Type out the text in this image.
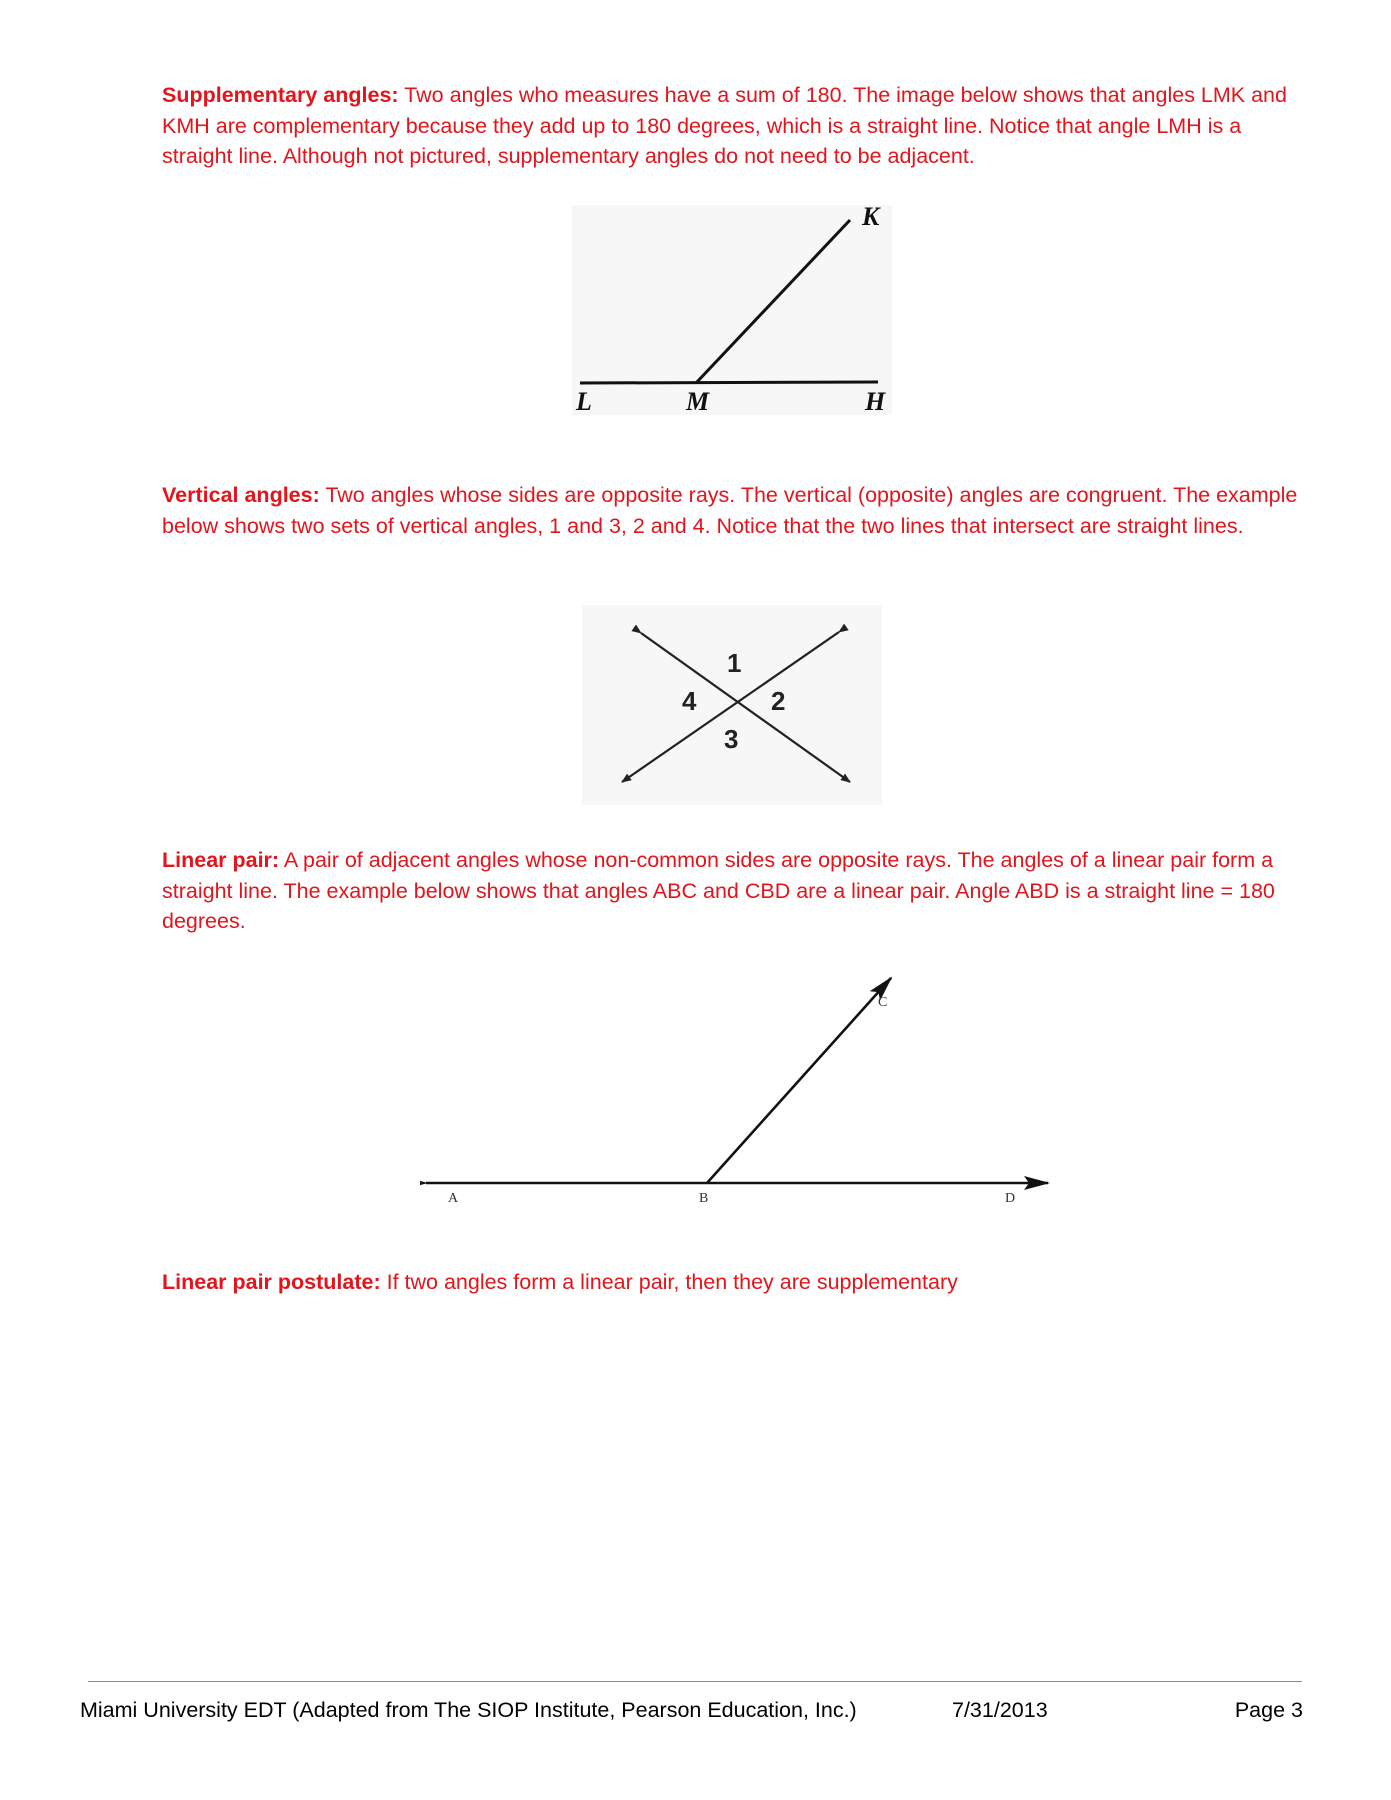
Supplementary angles: Two angles who measures have a sum of 180. The image below shows that angles LMK and KMH are complementary because they add up to 180 degrees, which is a straight line. Notice that angle LMH is a straight line. Although not pictured, supplementary angles do not need to be adjacent.

L	M	H
K

Vertical angles: Two angles whose sides are opposite rays. The vertical (opposite) angles are congruent. The example below shows two sets of vertical angles, 1 and 3, 2 and 4. Notice that the two lines that intersect are straight lines.

1
2
3
4

Linear pair: A pair of adjacent angles whose non-common sides are opposite rays. The angles of a linear pair form a straight line. The example below shows that angles ABC and CBD are a linear pair. Angle ABD is a straight line = 180 degrees.

A	B
C
D

Linear pair postulate: If two angles form a linear pair, then they are supplementary

Miami University EDT (Adapted from The SIOP Institute, Pearson Education, Inc.)	7/31/2013	Page 3
